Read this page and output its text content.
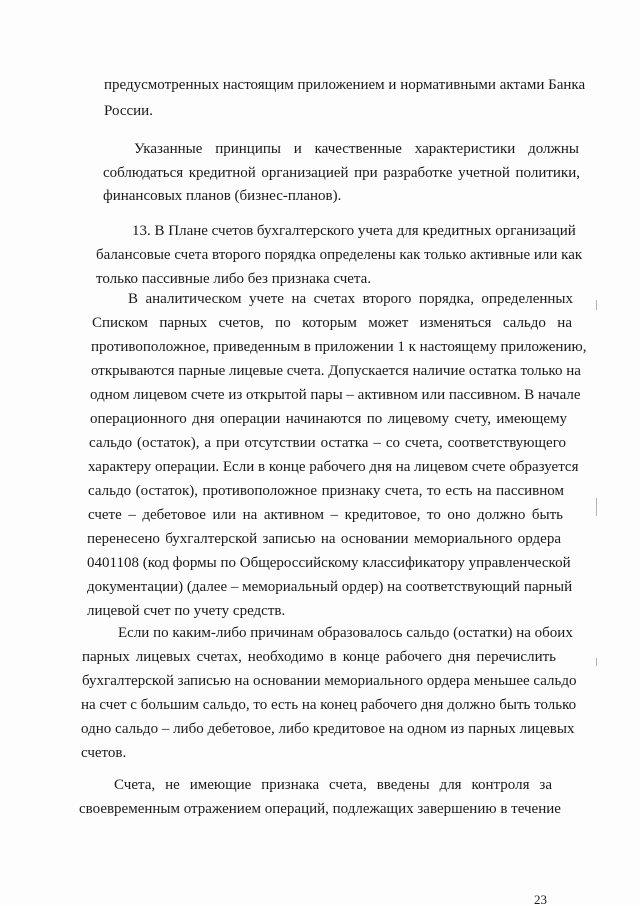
предусмотренных настоящим приложением и нормативными актами Банка
России.
Указанные принципы и качественные характеристики должны
соблюдаться кредитной организацией при разработке учетной политики,
финансовых планов (бизнес-планов).
13. В Плане счетов бухгалтерского учета для кредитных организаций
балансовые счета второго порядка определены как только активные или как
только пассивные либо без признака счета.
В аналитическом учете на счетах второго порядка, определенных
Списком парных счетов, по которым может изменяться сальдо на
противоположное, приведенным в приложении 1 к настоящему приложению,
открываются парные лицевые счета. Допускается наличие остатка только на
одном лицевом счете из открытой пары – активном или пассивном. В начале
операционного дня операции начинаются по лицевому счету, имеющему
сальдо (остаток), а при отсутствии остатка – со счета, соответствующего
характеру операции. Если в конце рабочего дня на лицевом счете образуется
сальдо (остаток), противоположное признаку счета, то есть на пассивном
счете – дебетовое или на активном – кредитовое, то оно должно быть
перенесено бухгалтерской записью на основании мемориального ордера
0401108 (код формы по Общероссийскому классификатору управленческой
документации) (далее – мемориальный ордер) на соответствующий парный
лицевой счет по учету средств.
Если по каким-либо причинам образовалось сальдо (остатки) на обоих
парных лицевых счетах, необходимо в конце рабочего дня перечислить
бухгалтерской записью на основании мемориального ордера меньшее сальдо
на счет с большим сальдо, то есть на конец рабочего дня должно быть только
одно сальдо – либо дебетовое, либо кредитовое на одном из парных лицевых
счетов.
Счета, не имеющие признака счета, введены для контроля за
своевременным отражением операций, подлежащих завершению в течение
23
